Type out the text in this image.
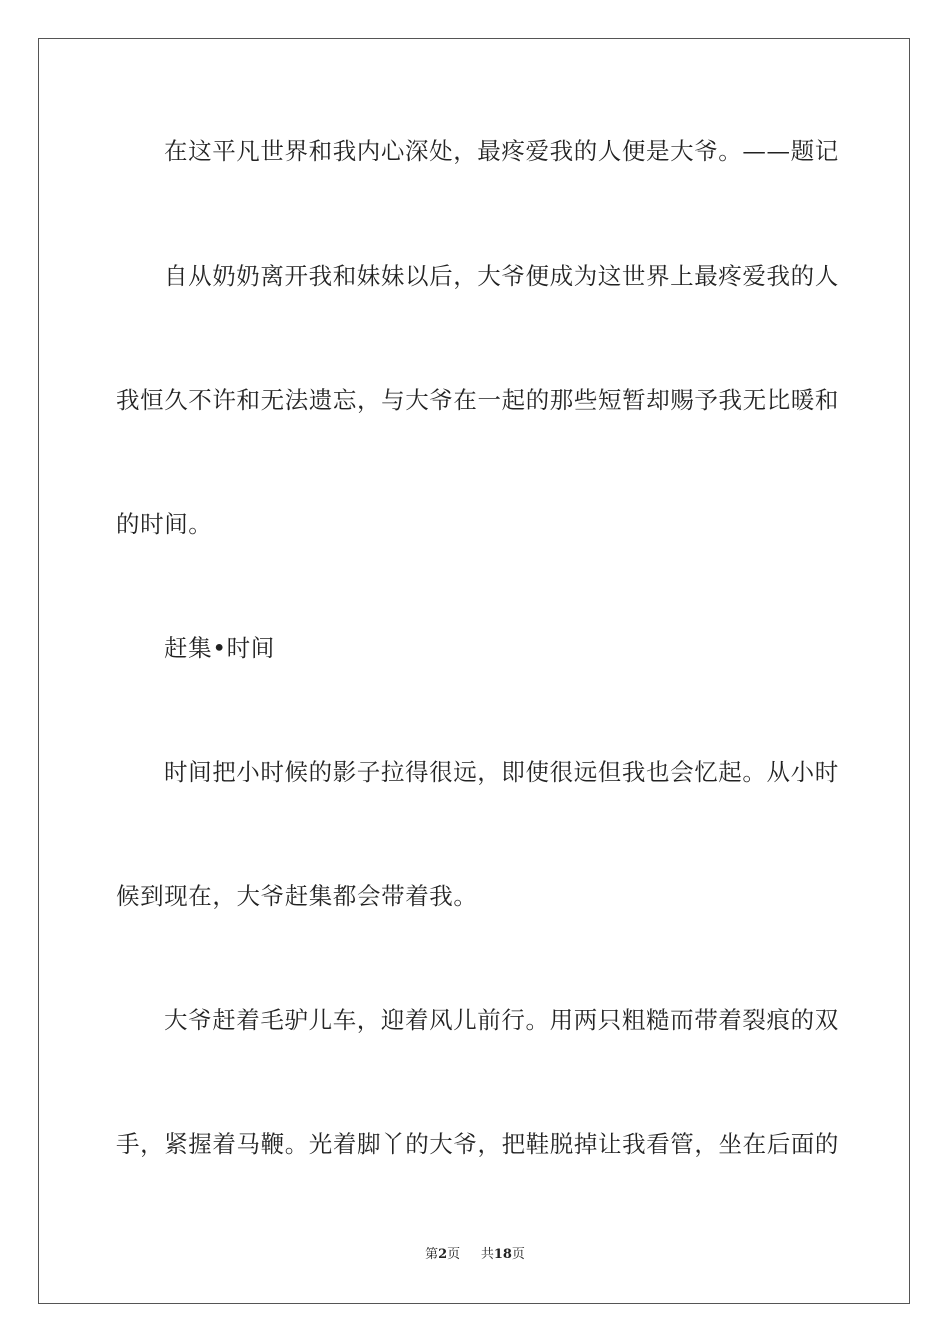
在这平凡世界和我内心深处，最疼爱我的人便是大爷。——题记
自从奶奶离开我和妹妹以后，大爷便成为这世界上最疼爱我的人
我恒久不许和无法遗忘，与大爷在一起的那些短暂却赐予我无比暖和
的时间。
赶集•时间
时间把小时候的影子拉得很远，即使很远但我也会忆起。从小时
候到现在，大爷赶集都会带着我。
大爷赶着毛驴儿车，迎着风儿前行。用两只粗糙而带着裂痕的双
手，紧握着马鞭。光着脚丫的大爷，把鞋脱掉让我看管，坐在后面的
第2页 共18页
